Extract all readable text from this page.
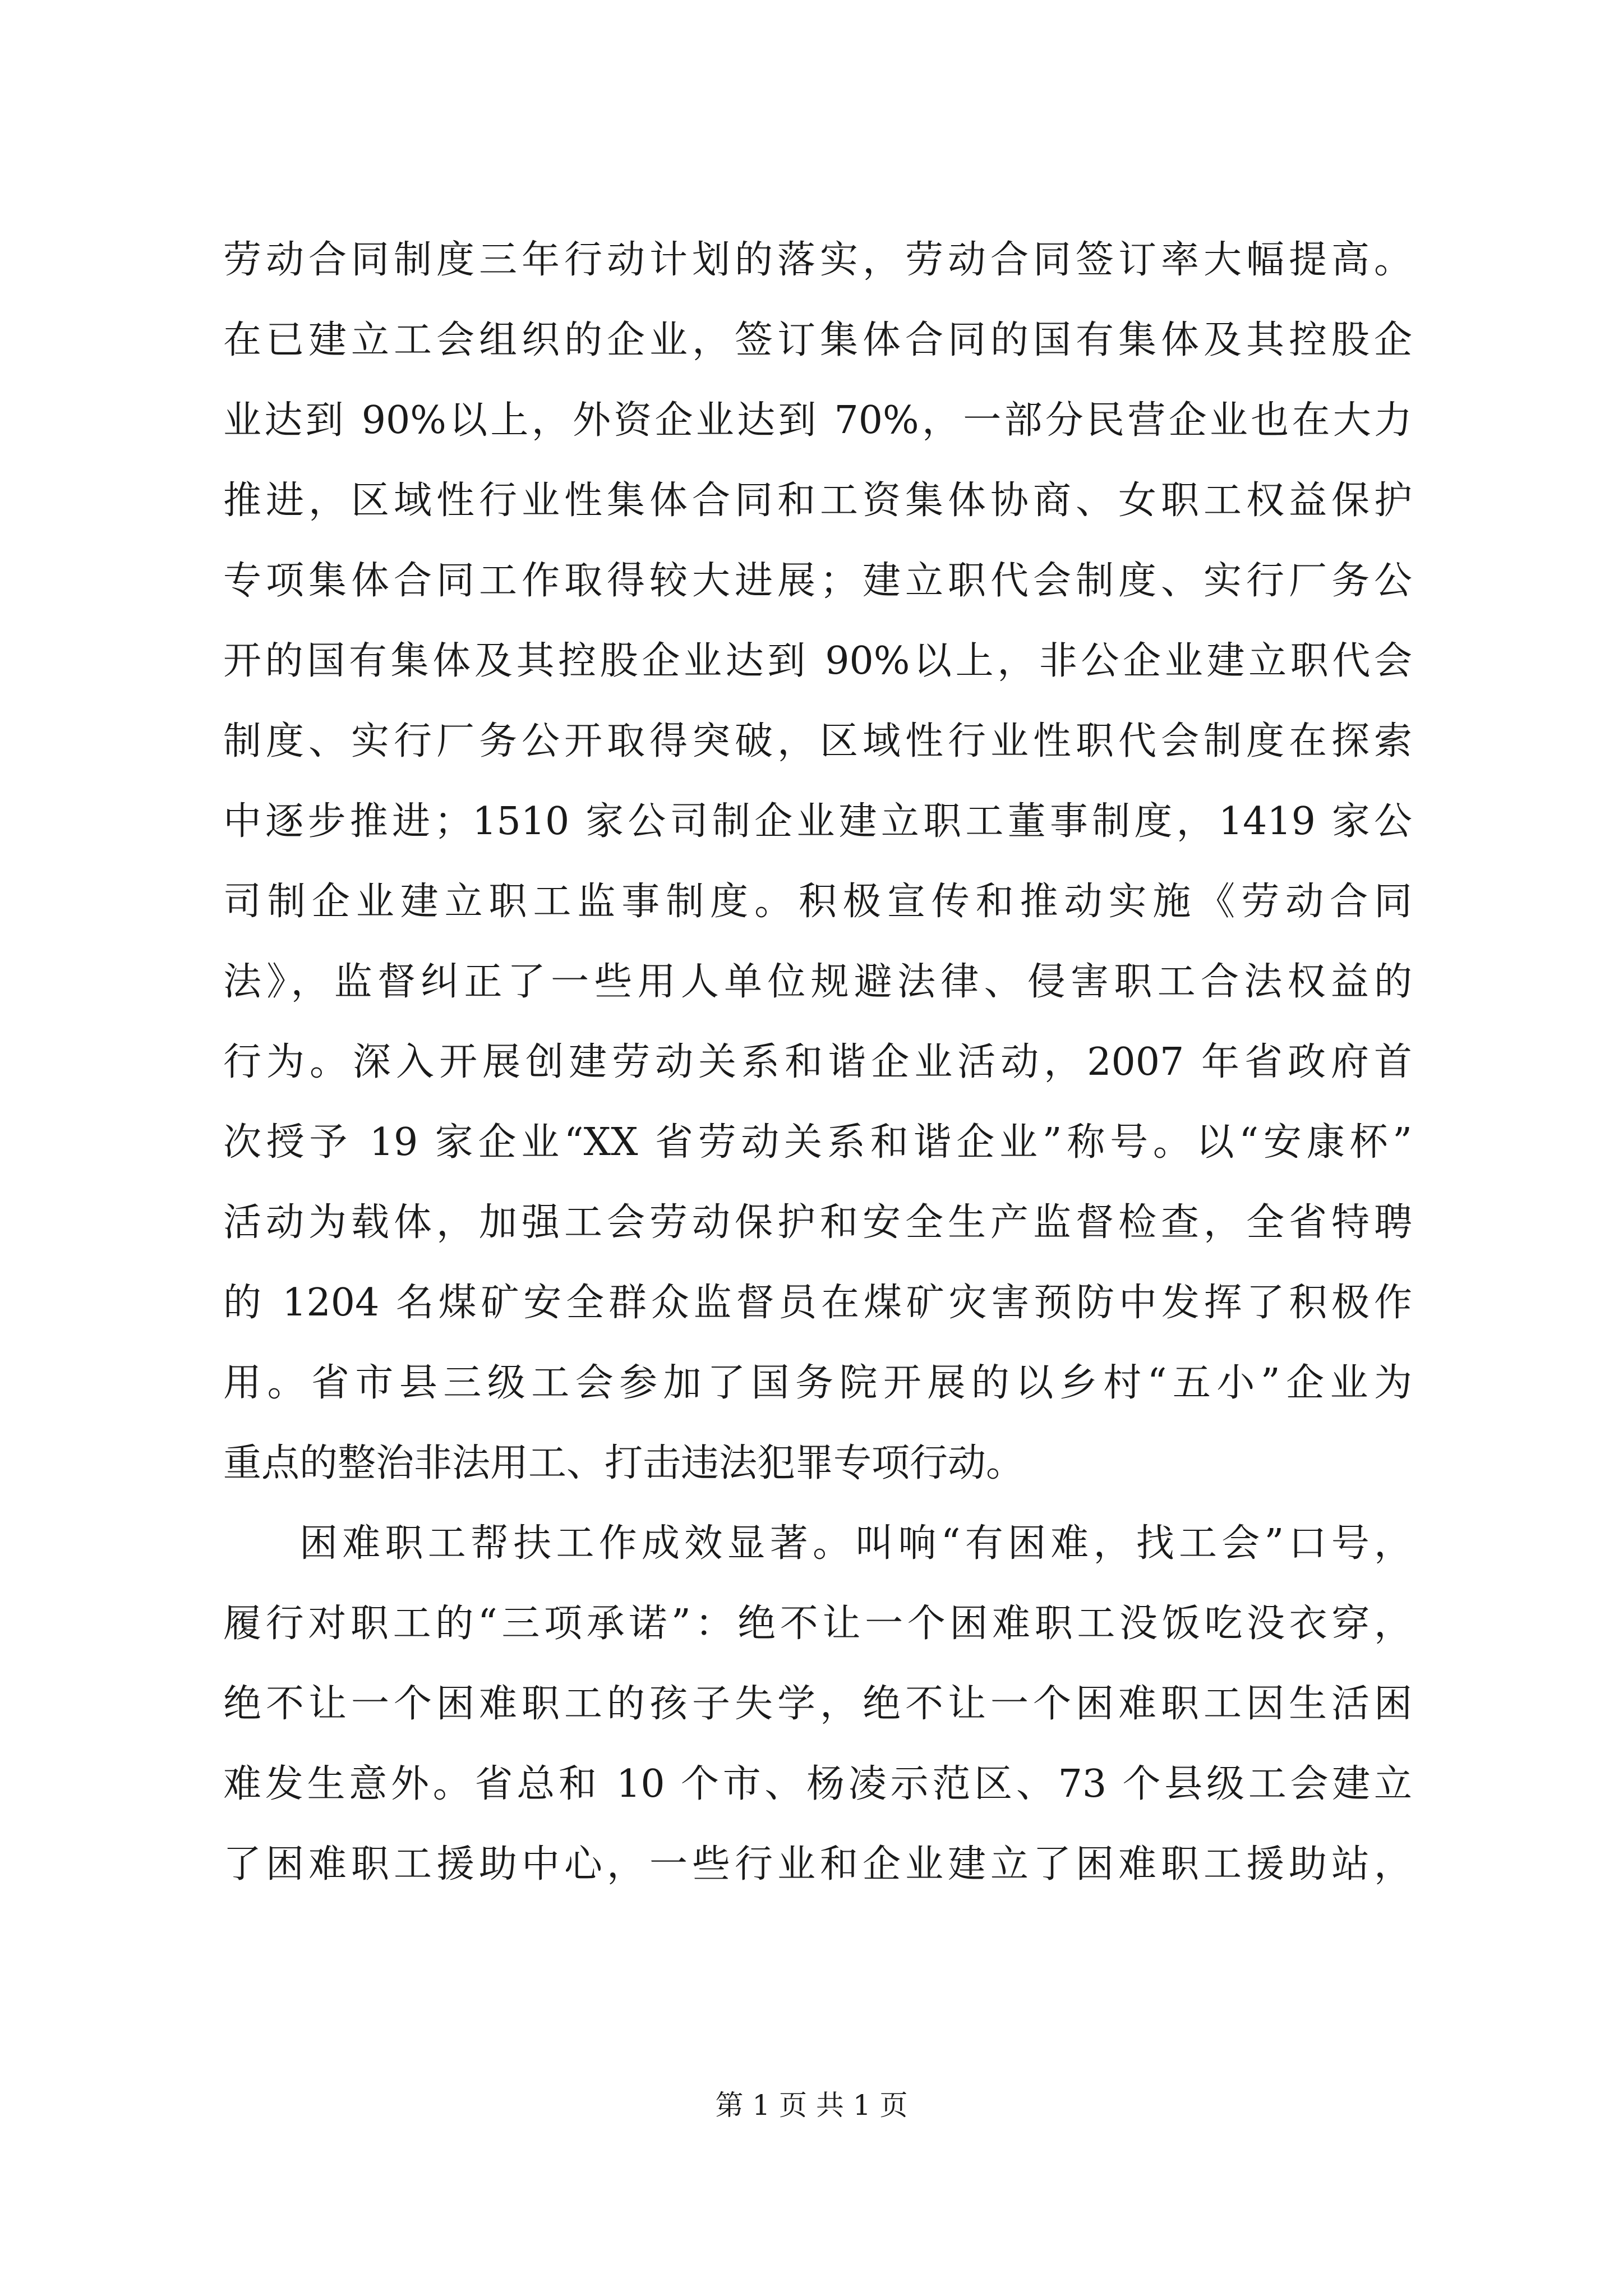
劳动合同制度三年行动计划的落实，劳动合同签订率大幅提高。
在已建立工会组织的企业，签订集体合同的国有集体及其控股企
业达到 90%以上，外资企业达到 70%，一部分民营企业也在大力
推进，区域性行业性集体合同和工资集体协商、女职工权益保护
专项集体合同工作取得较大进展；建立职代会制度、实行厂务公
开的国有集体及其控股企业达到 90%以上，非公企业建立职代会
制度、实行厂务公开取得突破，区域性行业性职代会制度在探索
中逐步推进；1510 家公司制企业建立职工董事制度，1419 家公
司制企业建立职工监事制度。积极宣传和推动实施《劳动合同
法》，监督纠正了一些用人单位规避法律、侵害职工合法权益的
行为。深入开展创建劳动关系和谐企业活动，2007 年省政府首
次授予 19 家企业“XX 省劳动关系和谐企业”称号。以“安康杯”
活动为载体，加强工会劳动保护和安全生产监督检查，全省特聘
的 1204 名煤矿安全群众监督员在煤矿灾害预防中发挥了积极作
用。省市县三级工会参加了国务院开展的以乡村“五小”企业为
重点的整治非法用工、打击违法犯罪专项行动。
困难职工帮扶工作成效显著。叫响“有困难，找工会”口号，
履行对职工的“三项承诺”：绝不让一个困难职工没饭吃没衣穿，
绝不让一个困难职工的孩子失学，绝不让一个困难职工因生活困
难发生意外。省总和 10 个市、杨凌示范区、73 个县级工会建立
了困难职工援助中心，一些行业和企业建立了困难职工援助站，
第 1 页 共 1 页
